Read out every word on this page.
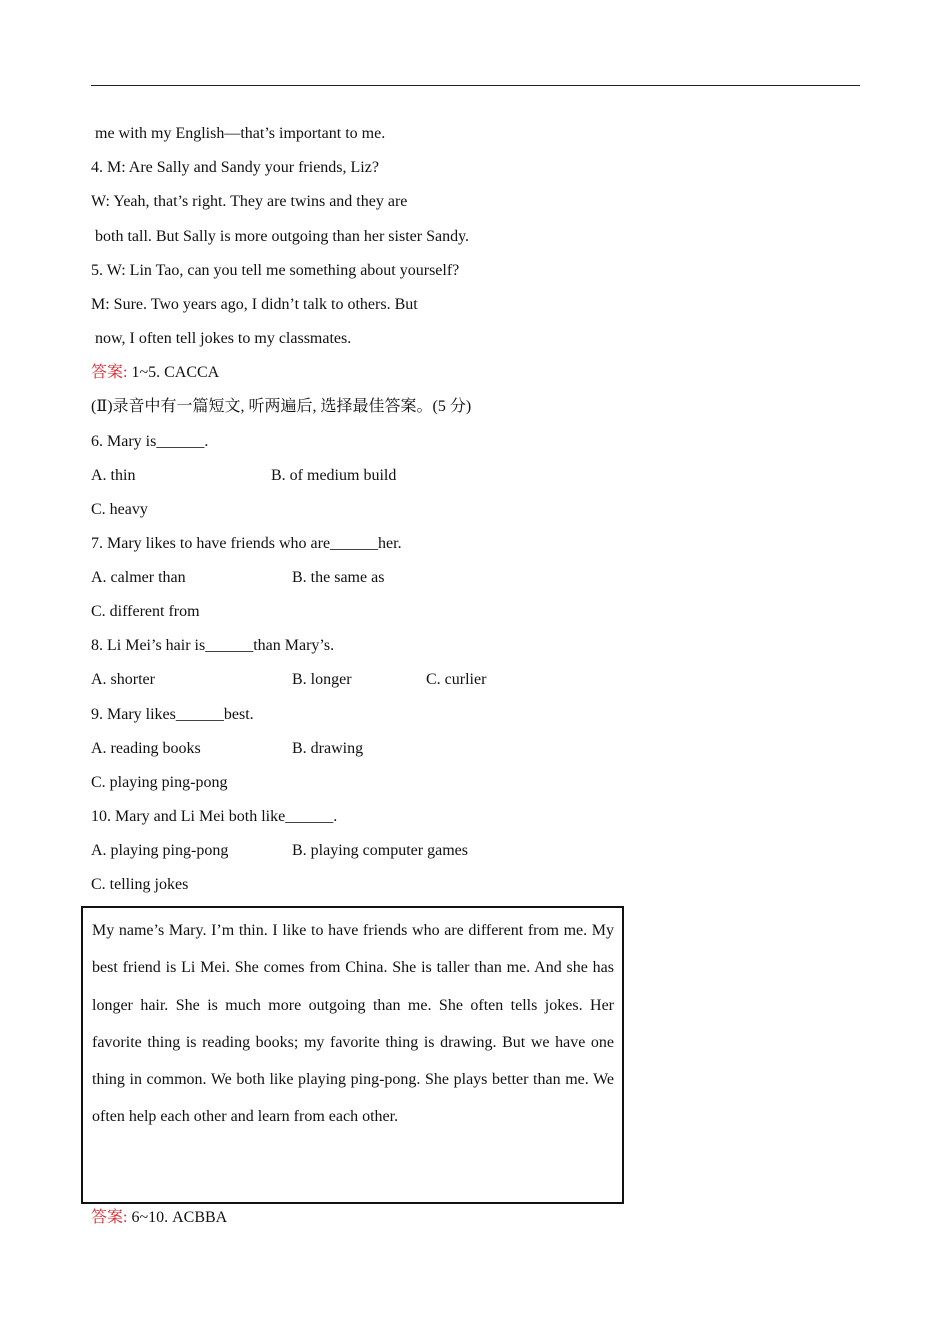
me with my English—that’s important to me.
4. M: Are Sally and Sandy your friends, Liz?
W: Yeah, that’s right. They are twins and they are
both tall. But Sally is more outgoing than her sister Sandy.
5. W: Lin Tao, can you tell me something about yourself?
M: Sure. Two years ago, I didn’t talk to others. But
now, I often tell jokes to my classmates.
答案: 1~5. CACCA
(Ⅱ)录音中有一篇短文, 听两遍后, 选择最佳答案。(5 分)
6. Mary is______.
A. thin	B. of medium build
C. heavy
7. Mary likes to have friends who are______her.
A. calmer than	B. the same as
C. different from
8. Li Mei’s hair is______than Mary’s.
A. shorter	B. longer	C. curlier
9. Mary likes______best.
A. reading books	B. drawing
C. playing ping-pong
10. Mary and Li Mei both like______.
A. playing ping-pong	B. playing computer games
C. telling jokes
My name’s Mary. I’m thin. I like to have friends who are different from me. My best friend is Li Mei. She comes from China. She is taller than me. And she has longer hair. She is much more outgoing than me. She often tells jokes. Her favorite thing is reading books; my favorite thing is drawing. But we have one thing in common. We both like playing ping-pong. She plays better than me. We often help each other and learn from each other.
答案: 6~10. ACBBA
